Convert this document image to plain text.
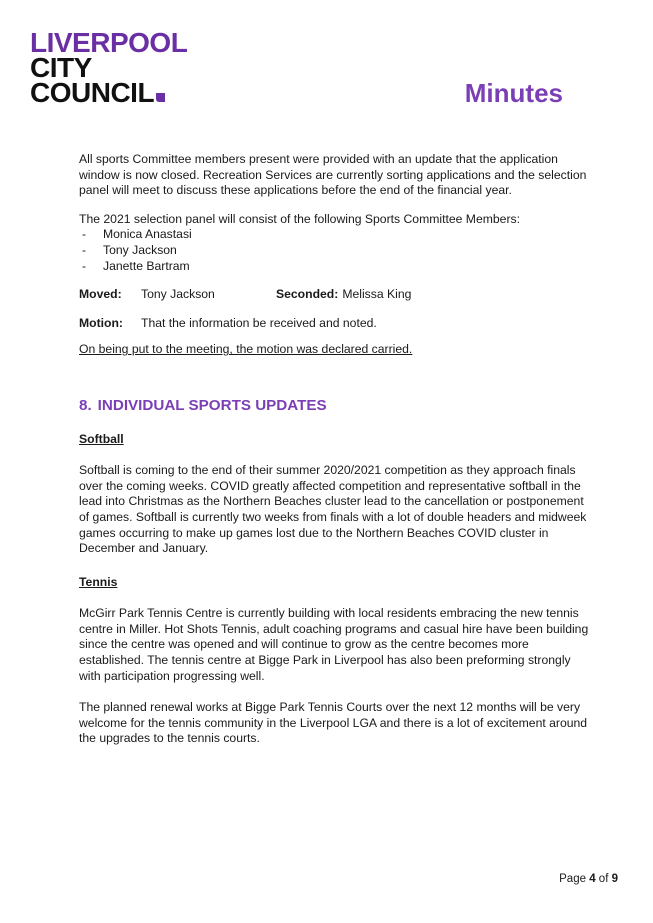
LIVERPOOL
CITY
COUNCIL	Minutes

All sports Committee members present were provided with an update that the application window is now closed. Recreation Services are currently sorting applications and the selection panel will meet to discuss these applications before the end of the financial year.

The 2021 selection panel will consist of the following Sports Committee Members:

-	Monica Anastasi
-	Tony Jackson
-	Janette Bartram
Moved:	Tony Jackson	Seconded: Melissa King
Motion:	That the information be received and noted.

On being put to the meeting, the motion was declared carried.

8. INDIVIDUAL SPORTS UPDATES
Softball

Softball is coming to the end of their summer 2020/2021 competition as they approach finals over the coming weeks. COVID greatly affected competition and representative softball in the lead into Christmas as the Northern Beaches cluster lead to the cancellation or postponement of games. Softball is currently two weeks from finals with a lot of double headers and midweek games occurring to make up games lost due to the Northern Beaches COVID cluster in December and January.

Tennis

McGirr Park Tennis Centre is currently building with local residents embracing the new tennis centre in Miller. Hot Shots Tennis, adult coaching programs and casual hire have been building since the centre was opened and will continue to grow as the centre becomes more established. The tennis centre at Bigge Park in Liverpool has also been preforming strongly with participation progressing well.

The planned renewal works at Bigge Park Tennis Courts over the next 12 months will be very welcome for the tennis community in the Liverpool LGA and there is a lot of excitement around the upgrades to the tennis courts.

Page 4 of 9
